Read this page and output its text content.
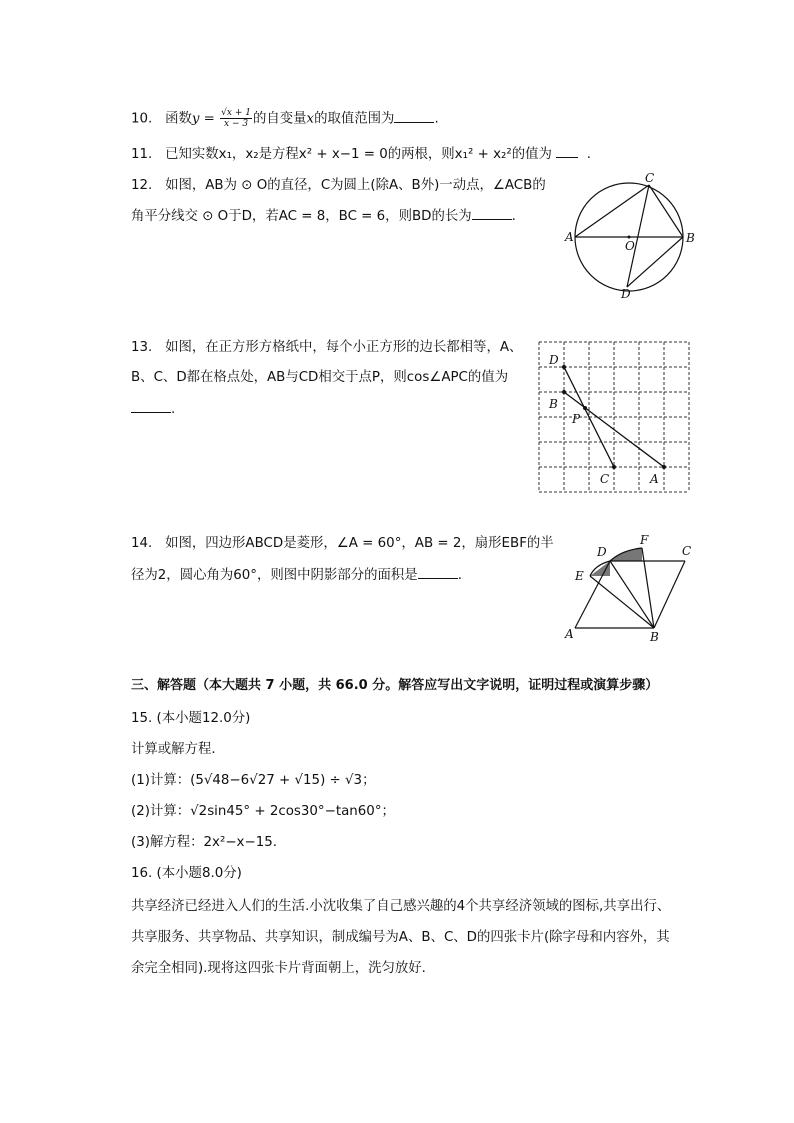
10. 函数$y = \frac{√x + 1}{x - 3}$ 的自变量x的取值范围为	.
11. 已知实数x₁，x₂是方程x² + x−1 = 0的两根，则x₁² + x₂²的值为	.
12. 如图，AB为 ⊙ O的直径，C为圆上(除A、B外)一动点，∠ACB的
角平分线交 ⊙ O于D，若AC = 8，BC = 6，则BD的长为	.
A	B
C
D
O
13. 如图，在正方形方格纸中，每个小正方形的边长都相等，A、
B、C、D都在格点处，AB与CD相交于点P，则cos∠APC的值为
.
D
B
P
C	A
14. 如图，四边形ABCD是菱形，∠A = 60°，AB = 2，扇形EBF的半
径为2，圆心角为60°，则图中阴影部分的面积是	.
A	B
C
D
E
F
三、解答题（本大题共 7 小题，共 66.0 分。解答应写出文字说明，证明过程或演算步骤）
15. (本小题12.0分)
计算或解方程．
(1)计算：(5√48−6√27 + √15) ÷ √3；
(2)计算：√2sin45° + 2cos30°−tan60°；
(3)解方程：2x²−x−15.
16. (本小题8.0分)
共享经济已经进入人们的生活.小沈收集了自己感兴趣的4个共享经济领域的图标,共享出行、
共享服务、共享物品、共享知识，制成编号为A、B、C、D的四张卡片(除字母和内容外，其
余完全相同).现将这四张卡片背面朝上，洗匀放好．
